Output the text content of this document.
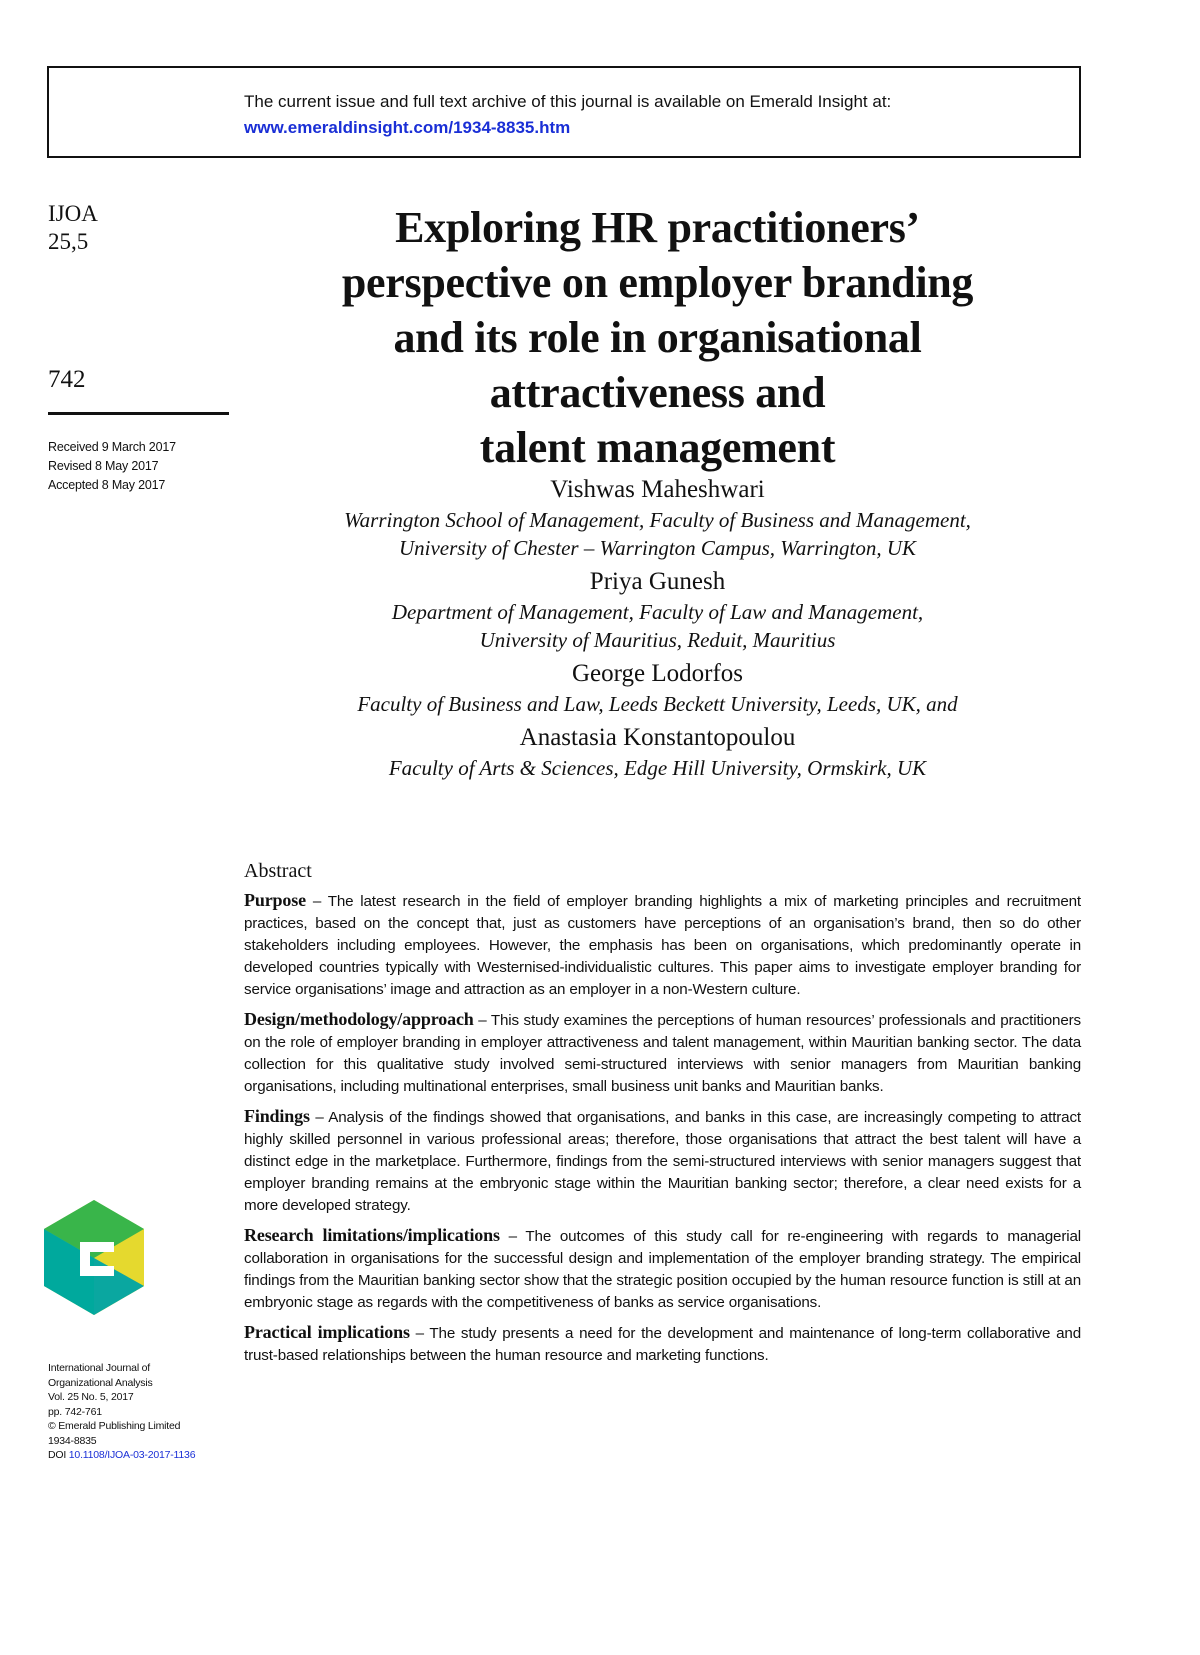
The current issue and full text archive of this journal is available on Emerald Insight at:
www.emeraldinsight.com/1934-8835.htm
IJOA
25,5
742
Received 9 March 2017
Revised 8 May 2017
Accepted 8 May 2017
Exploring HR practitioners’
perspective on employer branding
and its role in organisational
attractiveness and
talent management
Vishwas Maheshwari
Warrington School of Management, Faculty of Business and Management,
University of Chester – Warrington Campus, Warrington, UK
Priya Gunesh
Department of Management, Faculty of Law and Management,
University of Mauritius, Reduit, Mauritius
George Lodorfos
Faculty of Business and Law, Leeds Beckett University, Leeds, UK, and
Anastasia Konstantopoulou
Faculty of Arts & Sciences, Edge Hill University, Ormskirk, UK
Abstract

Purpose – The latest research in the field of employer branding highlights a mix of marketing principles and recruitment practices, based on the concept that, just as customers have perceptions of an organisation’s brand, then so do other stakeholders including employees. However, the emphasis has been on organisations, which predominantly operate in developed countries typically with Westernised-individualistic cultures. This paper aims to investigate employer branding for service organisations’ image and attraction as an employer in a non-Western culture.

Design/methodology/approach – This study examines the perceptions of human resources’ professionals and practitioners on the role of employer branding in employer attractiveness and talent management, within Mauritian banking sector. The data collection for this qualitative study involved semi-structured interviews with senior managers from Mauritian banking organisations, including multinational enterprises, small business unit banks and Mauritian banks.

Findings – Analysis of the findings showed that organisations, and banks in this case, are increasingly competing to attract highly skilled personnel in various professional areas; therefore, those organisations that attract the best talent will have a distinct edge in the marketplace. Furthermore, findings from the semi-structured interviews with senior managers suggest that employer branding remains at the embryonic stage within the Mauritian banking sector; therefore, a clear need exists for a more developed strategy.

Research limitations/implications – The outcomes of this study call for re-engineering with regards to managerial collaboration in organisations for the successful design and implementation of the employer branding strategy. The empirical findings from the Mauritian banking sector show that the strategic position occupied by the human resource function is still at an embryonic stage as regards with the competitiveness of banks as service organisations.

Practical implications – The study presents a need for the development and maintenance of long-term collaborative and trust-based relationships between the human resource and marketing functions.

International Journal of
Organizational Analysis
Vol. 25 No. 5, 2017
pp. 742-761
© Emerald Publishing Limited
1934-8835
DOI 10.1108/IJOA-03-2017-1136
